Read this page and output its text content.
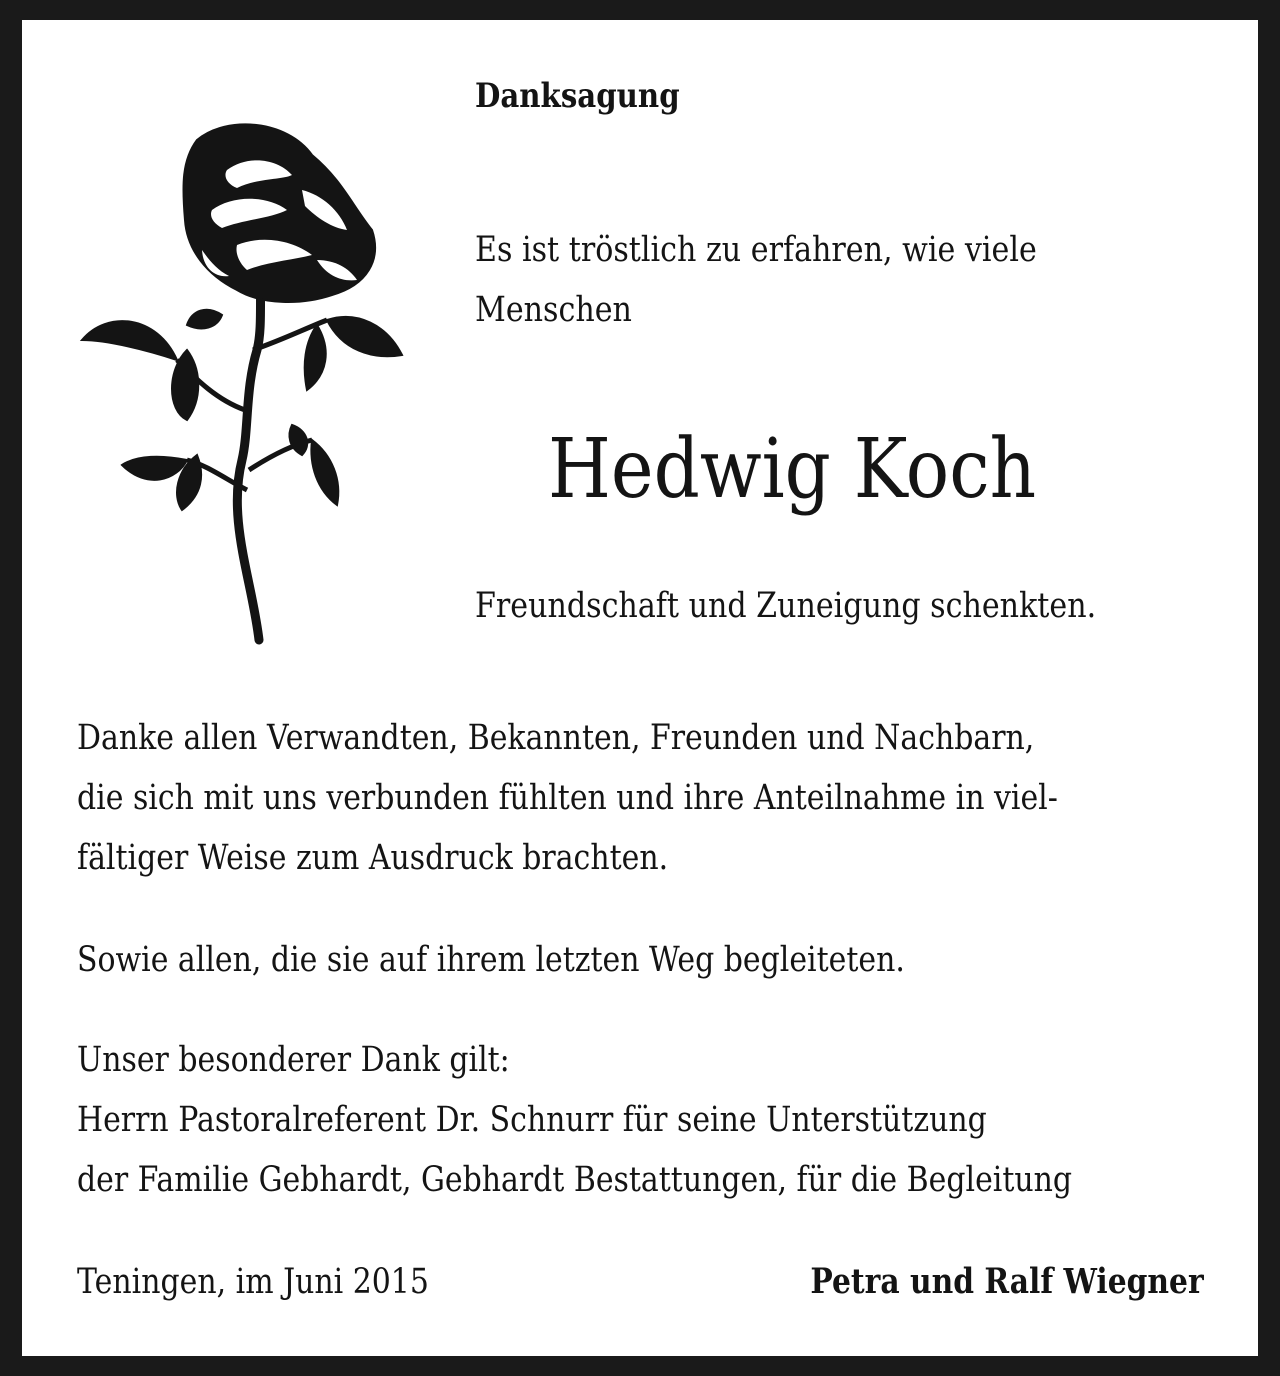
Danksagung
Es ist tröstlich zu erfahren, wie viele
Menschen
Hedwig Koch
Freundschaft und Zuneigung schenkten.
Danke allen Verwandten, Bekannten, Freunden und Nachbarn,
die sich mit uns verbunden fühlten und ihre Anteilnahme in viel-
fältiger Weise zum Ausdruck brachten.
Sowie allen, die sie auf ihrem letzten Weg begleiteten.
Unser besonderer Dank gilt:
Herrn Pastoralreferent Dr. Schnurr für seine Unterstützung
der Familie Gebhardt, Gebhardt Bestattungen, für die Begleitung
Teningen, im Juni 2015	Petra und Ralf Wiegner
